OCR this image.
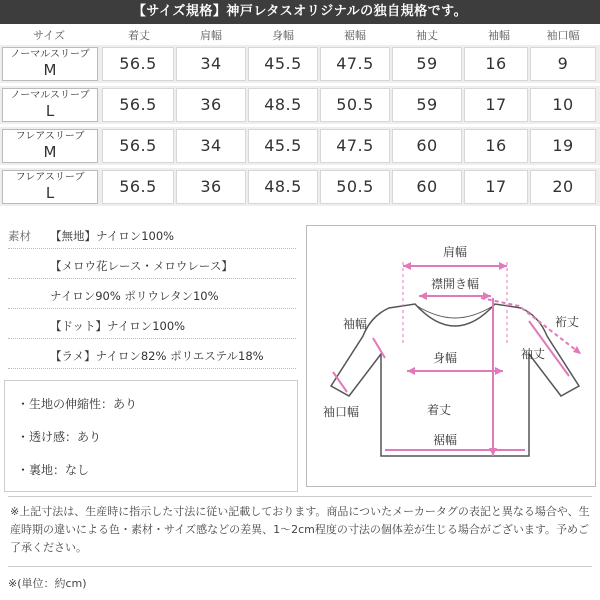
【サイズ規格】神戸レタスオリジナルの独自規格です。
サイズ	着丈	肩幅	身幅	裾幅	袖丈	袖幅	袖口幅
ノーマルスリーブ
M	56.5	34	45.5	47.5	59	16	9
ノーマルスリーブ
L	56.5	36	48.5	50.5	59	17	10
フレアスリーブ
M	56.5	34	45.5	47.5	60	16	19
フレアスリーブ
L	56.5	36	48.5	50.5	60	17	20
素材 【無地】ナイロン100%
【メロウ花レース・メロウレース】
ナイロン90% ポリウレタン10%
【ドット】ナイロン100%
【ラメ】ナイロン82% ポリエステル18%
・生地の伸縮性：あり
・透け感：あり
・裏地：なし
肩幅
襟開き幅
裄丈
袖丈
袖幅
身幅
着丈
裾幅
袖口幅
※上記寸法は、生産時に指示した寸法に従い記載しております。商品についたメーカータグの表記と異なる場合や、生産時期の違いによる色・素材・サイズ感などの差異、1〜2cm程度の寸法の個体差が生じる場合がございます。予めご了承ください。
※(単位：約cm)
